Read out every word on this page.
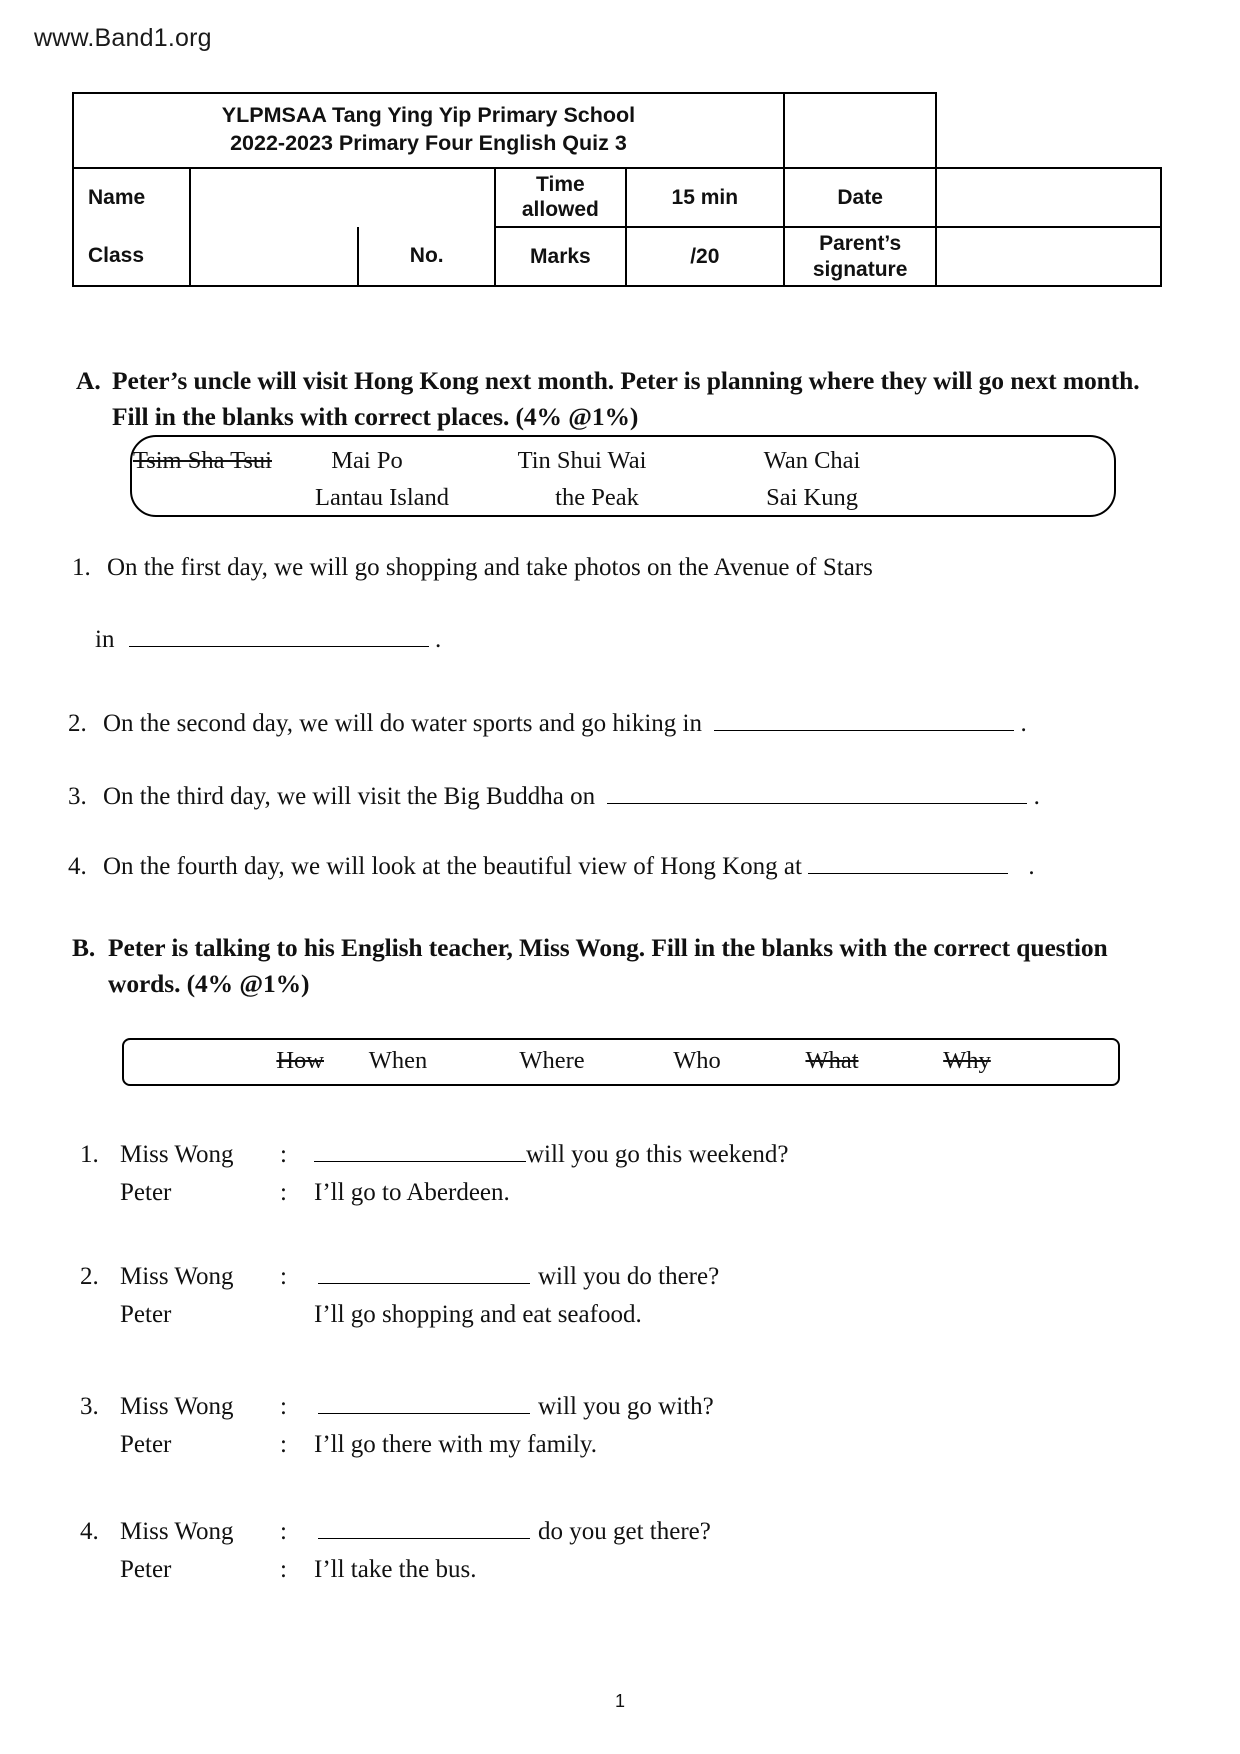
www.Band1.org
YLPMSAA Tang Ying Yip Primary School
2022-2023 Primary Four English Quiz 3						

Name			Time allowed	15 min	Date	
Class		No.	Marks	/20	Parent’s signature	
A. Peter’s uncle will visit Hong Kong next month. Peter is planning where they will go next month. Fill in the blanks with correct places. (4% @1%)
Tsim Sha Tsui	Mai Po	Tin Shui Wai	Wan Chai
Lantau Island	the Peak	Sai Kung
1. On the first day, we will go shopping and take photos on the Avenue of Stars
in	.
2. On the second day, we will do water sports and go hiking in	.
3. On the third day, we will visit the Big Buddha on	.
4. On the fourth day, we will look at the beautiful view of Hong Kong at	.
B. Peter is talking to his English teacher, Miss Wong. Fill in the blanks with the correct question words. (4% @1%)
How	When	Where	Who	What	Why
1. Miss Wong	:	will you go this weekend?
Peter	:	I’ll go to Aberdeen.
2. Miss Wong	:	will you do there?
Peter	I’ll go shopping and eat seafood.
3. Miss Wong	:	will you go with?
Peter	:	I’ll go there with my family.
4. Miss Wong	:	do you get there?
Peter	:	I’ll take the bus.
1
